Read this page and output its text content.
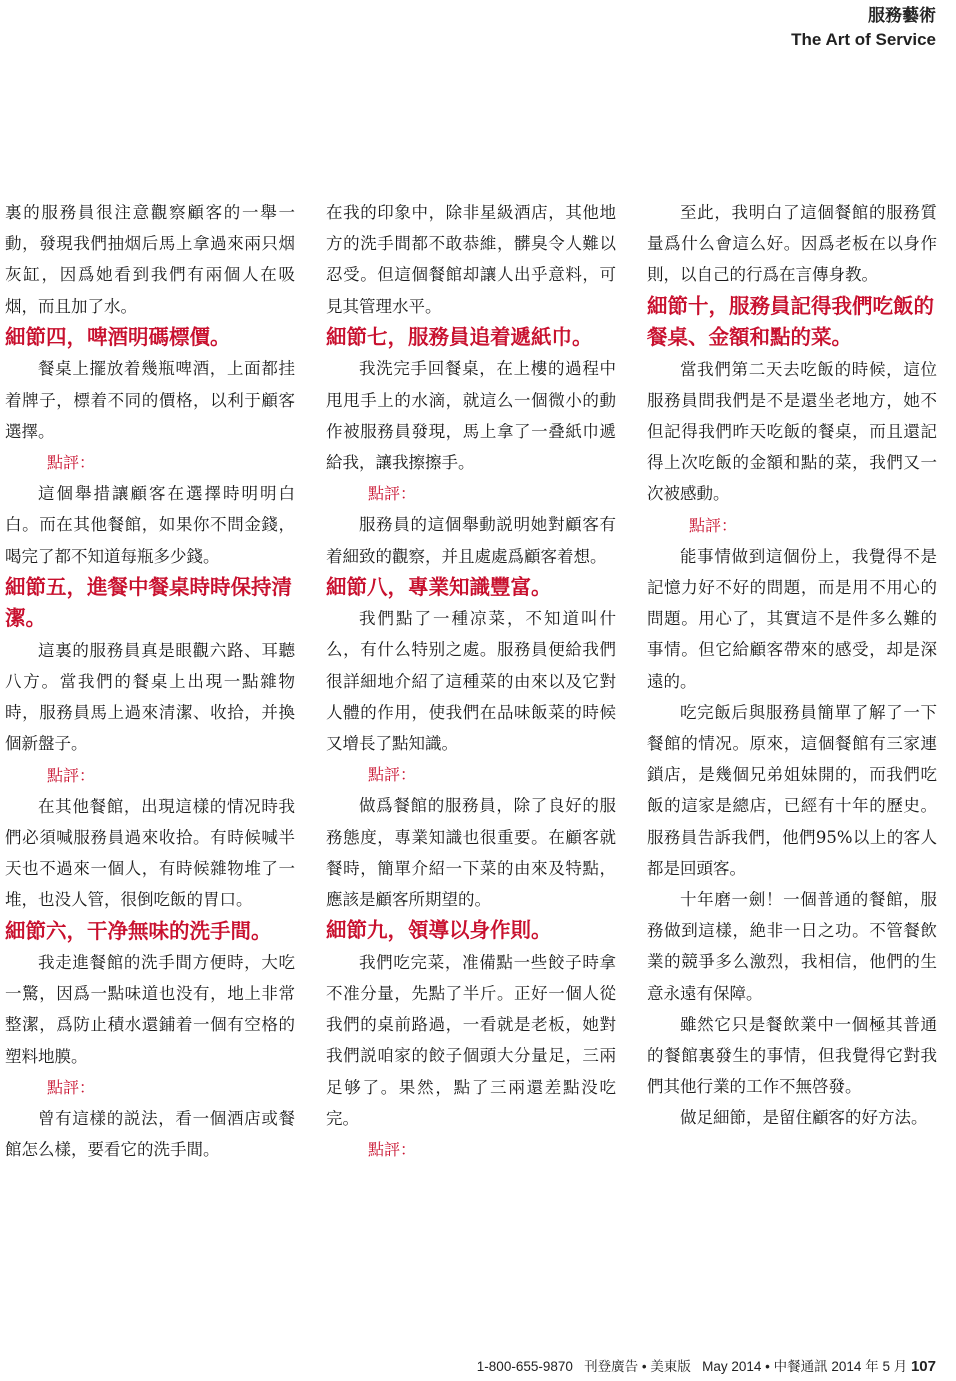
服務藝術
The Art of Service

裏的服務員很注意觀察顧客的一舉一動，發現我們抽烟后馬上拿過來兩只烟灰缸，因爲她看到我們有兩個人在吸烟，而且加了水。

細節四，啤酒明碼標價。

餐桌上擺放着幾瓶啤酒，上面都挂着牌子，標着不同的價格，以利于顧客選擇。

點評：

這個舉措讓顧客在選擇時明明白白。而在其他餐館，如果你不問金錢，喝完了都不知道每瓶多少錢。

細節五，進餐中餐桌時時保持清潔。

這裏的服務員真是眼觀六路、耳聽八方。當我們的餐桌上出現一點雜物時，服務員馬上過來清潔、收拾，并換個新盤子。

點評：

在其他餐館，出現這樣的情况時我們必須喊服務員過來收拾。有時候喊半天也不過來一個人，有時候雜物堆了一堆，也没人管，很倒吃飯的胃口。

細節六，干净無味的洗手間。

我走進餐館的洗手間方便時，大吃一驚，因爲一點味道也没有，地上非常整潔，爲防止積水還鋪着一個有空格的塑料地膜。

點評：

曾有這樣的説法，看一個酒店或餐館怎么樣，要看它的洗手間。

在我的印象中，除非星級酒店，其他地方的洗手間都不敢恭維，髒臭令人難以忍受。但這個餐館却讓人出乎意料，可見其管理水平。

細節七，服務員追着遞紙巾。

我洗完手回餐桌，在上樓的過程中甩甩手上的水滴，就這么一個微小的動作被服務員發現，馬上拿了一叠紙巾遞給我，讓我擦擦手。

點評：

服務員的這個舉動説明她對顧客有着細致的觀察，并且處處爲顧客着想。

細節八，專業知識豐富。

我們點了一種凉菜，不知道叫什么，有什么特别之處。服務員便給我們很詳細地介紹了這種菜的由來以及它對人體的作用，使我們在品味飯菜的時候又增長了點知識。

點評：

做爲餐館的服務員，除了良好的服務態度，專業知識也很重要。在顧客就餐時，簡單介紹一下菜的由來及特點，應該是顧客所期望的。

細節九，領導以身作則。

我們吃完菜，准備點一些餃子時拿不准分量，先點了半斤。正好一個人從我們的桌前路過，一看就是老板，她對我們説咱家的餃子個頭大分量足，三兩足够了。果然，點了三兩還差點没吃完。

點評：

至此，我明白了這個餐館的服務質量爲什么會這么好。因爲老板在以身作則，以自己的行爲在言傳身教。

細節十，服務員記得我們吃飯的餐桌、金額和點的菜。

當我們第二天去吃飯的時候，這位服務員問我們是不是還坐老地方，她不但記得我們昨天吃飯的餐桌，而且還記得上次吃飯的金額和點的菜，我們又一次被感動。

點評：

能事情做到這個份上，我覺得不是記憶力好不好的問題，而是用不用心的問題。用心了，其實這不是件多么難的事情。但它給顧客帶來的感受，却是深遠的。

吃完飯后與服務員簡單了解了一下餐館的情况。原來，這個餐館有三家連鎖店，是幾個兄弟姐妹開的，而我們吃飯的這家是總店，已經有十年的歷史。服務員告訴我們，他們95%以上的客人都是回頭客。

十年磨一劍！一個普通的餐館，服務做到這樣，絶非一日之功。不管餐飲業的競爭多么激烈，我相信，他們的生意永遠有保障。

雖然它只是餐飲業中一個極其普通的餐館裏發生的事情，但我覺得它對我們其他行業的工作不無啓發。

做足細節，是留住顧客的好方法。

1-800-655-9870 刊登廣告 • 美東版 May 2014 • 中餐通訊 2014 年 5 月 107
